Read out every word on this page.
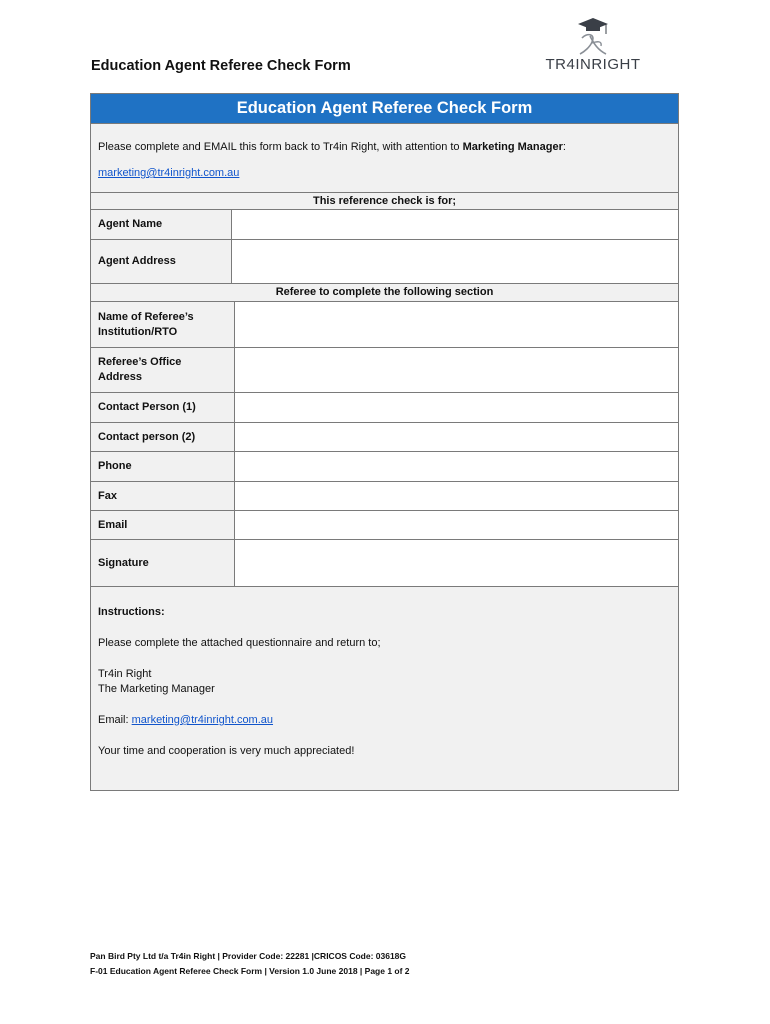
Education Agent Referee Check Form	TR4INRIGHT
Education Agent Referee Check Form

Please complete and EMAIL this form back to Tr4in Right, with attention to Marketing Manager:

marketing@tr4inright.com.au

This reference check is for;
Agent Name
Agent Address
Referee to complete the following section
Name of Referee’s Institution/RTO
Referee’s Office Address
Contact Person (1)
Contact person (2)
Phone
Fax
Email
Signature

Instructions:

Please complete the attached questionnaire and return to;

Tr4in Right
The Marketing Manager

Email: marketing@tr4inright.com.au

Your time and cooperation is very much appreciated!

Pan Bird Pty Ltd t/a Tr4in Right | Provider Code: 22281 |CRICOS Code: 03618G
F-01 Education Agent Referee Check Form | Version 1.0 June 2018 | Page 1 of 2
